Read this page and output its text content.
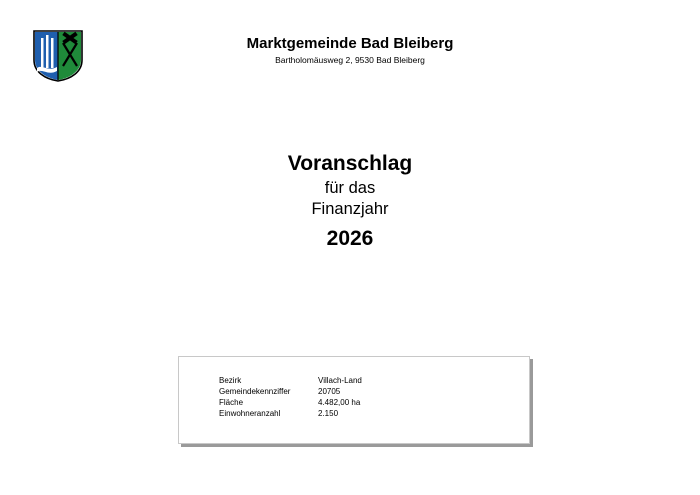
Marktgemeinde Bad Bleiberg
Bartholomäusweg 2, 9530 Bad Bleiberg
Voranschlag
für das
Finanzjahr
2026
Bezirk	Villach-Land
Gemeindekennziffer	20705
Fläche	4.482,00 ha
Einwohneranzahl	2.150
